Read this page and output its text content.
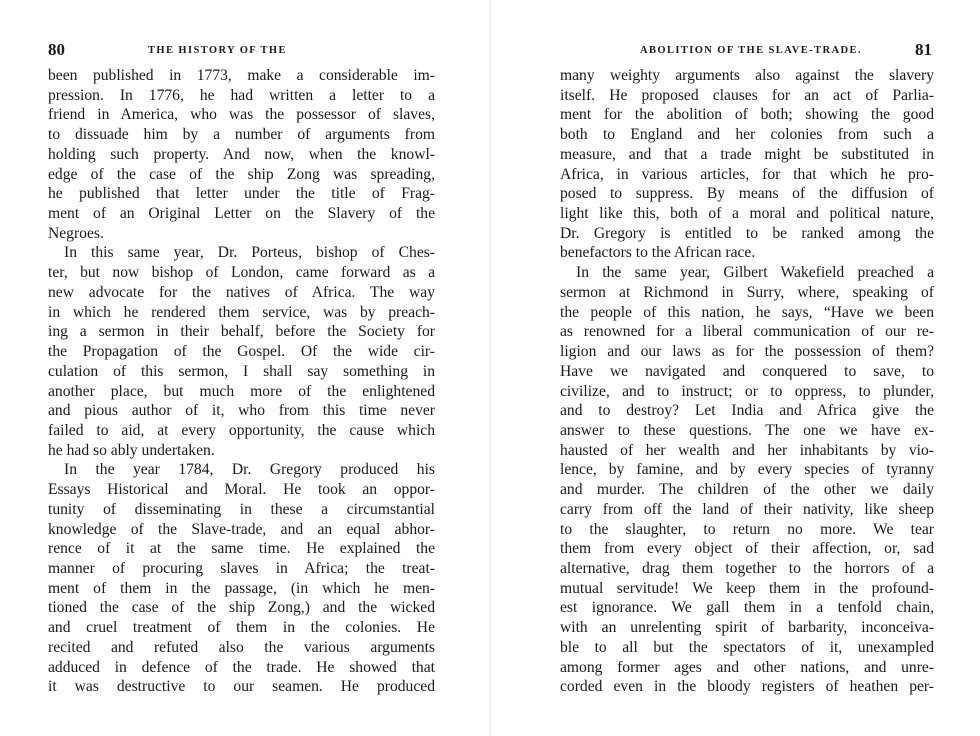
80	THE HISTORY OF THE
been published in 1773, make a considerable im-
pression. In 1776, he had written a letter to a
friend in America, who was the possessor of slaves,
to dissuade him by a number of arguments from
holding such property. And now, when the knowl-
edge of the case of the ship Zong was spreading,
he published that letter under the title of Frag-
ment of an Original Letter on the Slavery of the
Negroes.
In this same year, Dr. Porteus, bishop of Ches-
ter, but now bishop of London, came forward as a
new advocate for the natives of Africa. The way
in which he rendered them service, was by preach-
ing a sermon in their behalf, before the Society for
the Propagation of the Gospel. Of the wide cir-
culation of this sermon, I shall say something in
another place, but much more of the enlightened
and pious author of it, who from this time never
failed to aid, at every opportunity, the cause which
he had so ably undertaken.
In the year 1784, Dr. Gregory produced his
Essays Historical and Moral. He took an oppor-
tunity of disseminating in these a circumstantial
knowledge of the Slave-trade, and an equal abhor-
rence of it at the same time. He explained the
manner of procuring slaves in Africa; the treat-
ment of them in the passage, (in which he men-
tioned the case of the ship Zong,) and the wicked
and cruel treatment of them in the colonies. He
recited and refuted also the various arguments
adduced in defence of the trade. He showed that
it was destructive to our seamen. He produced
ABOLITION OF THE SLAVE-TRADE.	81
many weighty arguments also against the slavery
itself. He proposed clauses for an act of Parlia-
ment for the abolition of both; showing the good
both to England and her colonies from such a
measure, and that a trade might be substituted in
Africa, in various articles, for that which he pro-
posed to suppress. By means of the diffusion of
light like this, both of a moral and political nature,
Dr. Gregory is entitled to be ranked among the
benefactors to the African race.
In the same year, Gilbert Wakefield preached a
sermon at Richmond in Surry, where, speaking of
the people of this nation, he says, “Have we been
as renowned for a liberal communication of our re-
ligion and our laws as for the possession of them?
Have we navigated and conquered to save, to
civilize, and to instruct; or to oppress, to plunder,
and to destroy? Let India and Africa give the
answer to these questions. The one we have ex-
hausted of her wealth and her inhabitants by vio-
lence, by famine, and by every species of tyranny
and murder. The children of the other we daily
carry from off the land of their nativity, like sheep
to the slaughter, to return no more. We tear
them from every object of their affection, or, sad
alternative, drag them together to the horrors of a
mutual servitude! We keep them in the profound-
est ignorance. We gall them in a tenfold chain,
with an unrelenting spirit of barbarity, inconceiva-
ble to all but the spectators of it, unexampled
among former ages and other nations, and unre-
corded even in the bloody registers of heathen per-
